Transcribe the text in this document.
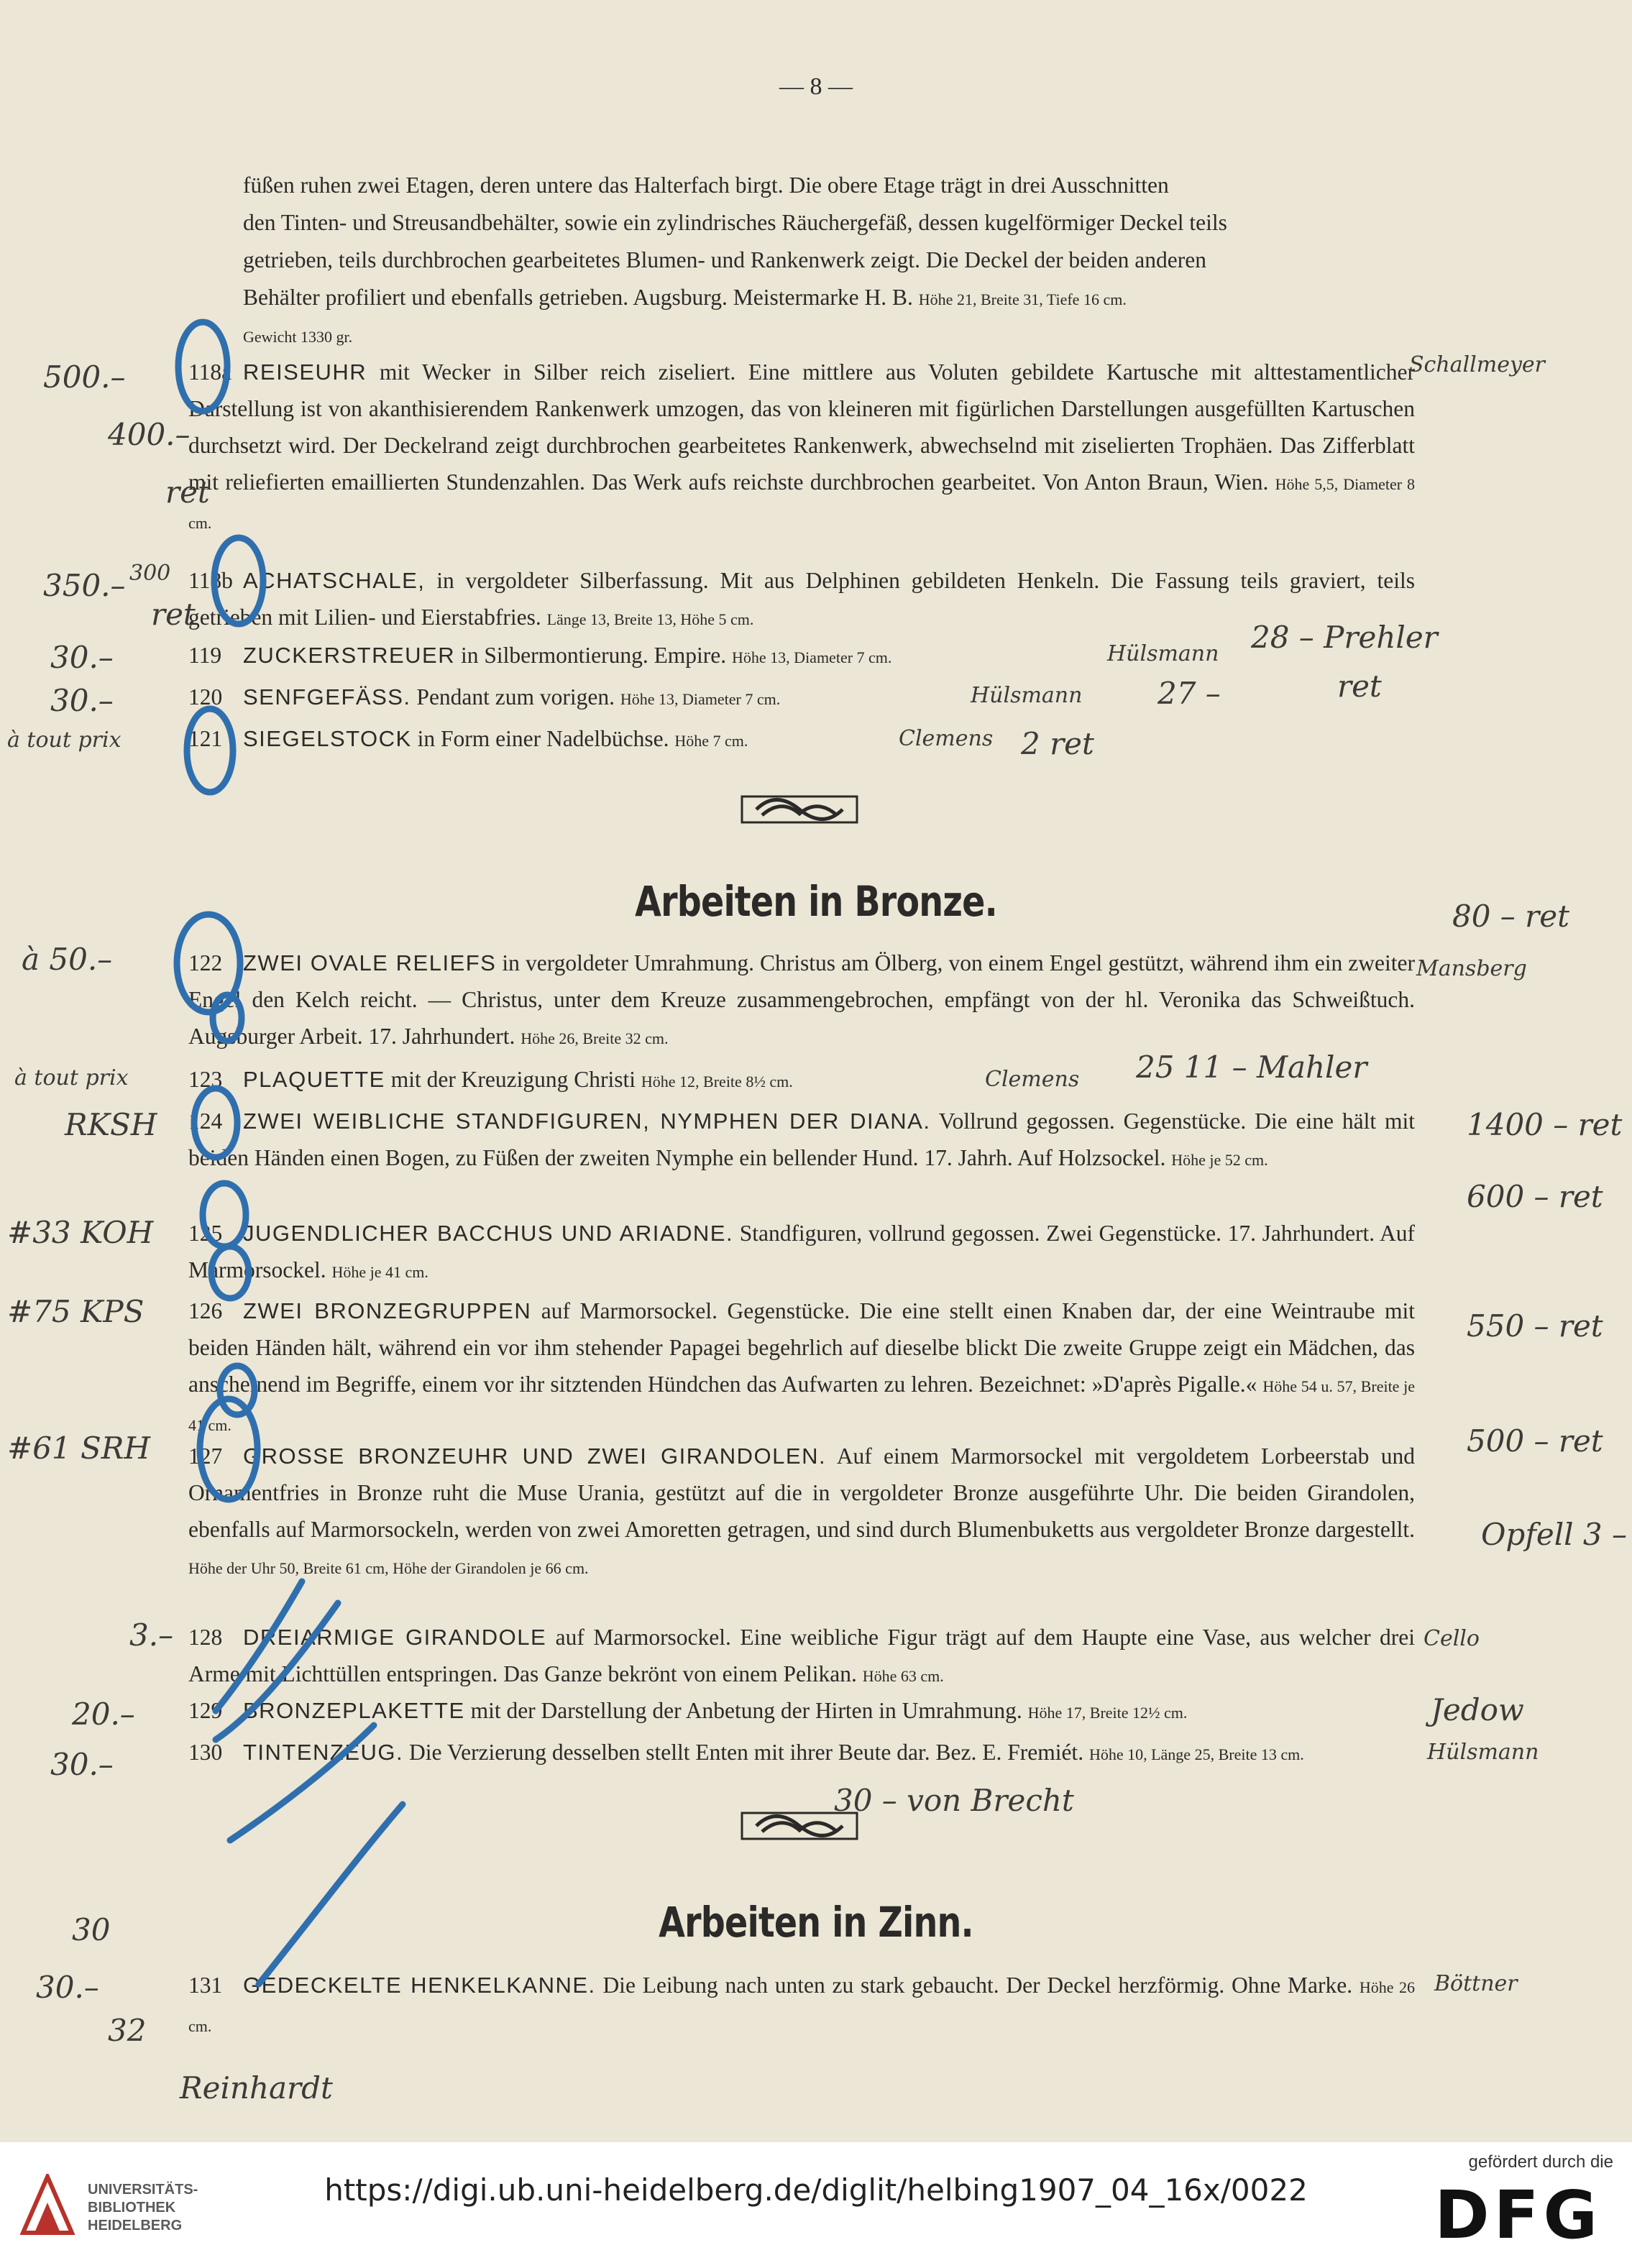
— 8 —
füßen ruhen zwei Etagen, deren untere das Halterfach birgt. Die obere Etage trägt in drei Ausschnitten
den Tinten- und Streusandbehälter, sowie ein zylindrisches Räuchergefäß, dessen kugelförmiger Deckel teils
getrieben, teils durchbrochen gearbeitetes Blumen- und Rankenwerk zeigt. Die Deckel der beiden anderen
Behälter profiliert und ebenfalls getrieben. Augsburg. Meistermarke H. B. Höhe 21, Breite 31, Tiefe 16 cm.
Gewicht 1330 gr.
118a REISEUHR mit Wecker in Silber reich ziseliert. Eine mittlere aus Voluten gebildete Kartusche mit alttestamentlicher Darstellung ist von akanthisierendem Rankenwerk umzogen, das von kleineren mit figürlichen Darstellungen ausgefüllten Kartuschen durchsetzt wird. Der Deckelrand zeigt durchbrochen gearbeitetes Rankenwerk, abwechselnd mit ziselierten Trophäen. Das Zifferblatt mit reliefierten emaillierten Stundenzahlen. Das Werk aufs reichste durchbrochen gearbeitet. Von Anton Braun, Wien. Höhe 5,5, Diameter 8 cm.
118b ACHATSCHALE, in vergoldeter Silberfassung. Mit aus Delphinen gebildeten Henkeln. Die Fassung teils graviert, teils getrieben mit Lilien- und Eierstabfries. Länge 13, Breite 13, Höhe 5 cm.
119 ZUCKERSTREUER in Silbermontierung. Empire. Höhe 13, Diameter 7 cm.
120 SENFGEFÄSS. Pendant zum vorigen. Höhe 13, Diameter 7 cm.
121 SIEGELSTOCK in Form einer Nadelbüchse. Höhe 7 cm.
Arbeiten in Bronze.
122 ZWEI OVALE RELIEFS in vergoldeter Umrahmung. Christus am Ölberg, von einem Engel gestützt, während ihm ein zweiter Engel den Kelch reicht. — Christus, unter dem Kreuze zusammengebrochen, empfängt von der hl. Veronika das Schweißtuch. Augsburger Arbeit. 17. Jahrhundert. Höhe 26, Breite 32 cm.
123 PLAQUETTE mit der Kreuzigung Christi Höhe 12, Breite 8½ cm.
124 ZWEI WEIBLICHE STANDFIGUREN, NYMPHEN DER DIANA. Vollrund gegossen. Gegenstücke. Die eine hält mit beiden Händen einen Bogen, zu Füßen der zweiten Nymphe ein bellender Hund. 17. Jahrh. Auf Holzsockel. Höhe je 52 cm.
125 JUGENDLICHER BACCHUS UND ARIADNE. Standfiguren, vollrund gegossen. Zwei Gegenstücke. 17. Jahrhundert. Auf Marmorsockel. Höhe je 41 cm.
126 ZWEI BRONZEGRUPPEN auf Marmorsockel. Gegenstücke. Die eine stellt einen Knaben dar, der eine Weintraube mit beiden Händen hält, während ein vor ihm stehender Papagei begehrlich auf dieselbe blickt Die zweite Gruppe zeigt ein Mädchen, das anscheinend im Begriffe, einem vor ihr sitztenden Hündchen das Aufwarten zu lehren. Bezeichnet: »D'après Pigalle.« Höhe 54 u. 57, Breite je 41 cm.
127 GROSSE BRONZEUHR UND ZWEI GIRANDOLEN. Auf einem Marmorsockel mit vergoldetem Lorbeerstab und Ornamentfries in Bronze ruht die Muse Urania, gestützt auf die in vergoldeter Bronze ausgeführte Uhr. Die beiden Girandolen, ebenfalls auf Marmorsockeln, werden von zwei Amoretten getragen, und sind durch Blumenbuketts aus vergoldeter Bronze dargestellt. Höhe der Uhr 50, Breite 61 cm, Höhe der Girandolen je 66 cm.
128 DREIARMIGE GIRANDOLE auf Marmorsockel. Eine weibliche Figur trägt auf dem Haupte eine Vase, aus welcher drei Arme mit Lichttüllen entspringen. Das Ganze bekrönt von einem Pelikan. Höhe 63 cm.
129 BRONZEPLAKETTE mit der Darstellung der Anbetung der Hirten in Umrahmung. Höhe 17, Breite 12½ cm.
130 TINTENZEUG. Die Verzierung desselben stellt Enten mit ihrer Beute dar. Bez. E. Fremiét. Höhe 10, Länge 25, Breite 13 cm.
Arbeiten in Zinn.
131 GEDECKELTE HENKELKANNE. Die Leibung nach unten zu stark gebaucht. Der Deckel herzförmig. Ohne Marke. Höhe 26 cm.
500.–
400.–
ret
350.– 300
ret
30.–
30.–
à tout prix
Schallmeyer
Hülsmann 28 – Prehler
Hülsmann 27 –	ret
Clemens 2 ret
à 50.–	Mansberg
80 – ret
à tout prix	Clemens 25 11 – Mahler
RKSH	1400 – ret
#33 KOH
600 – ret
#75 KPS	550 – ret
#61 SRH	500 – ret
3.–	Cello
Opfell 3 –
20.–	Jedow
30.–	Hülsmann
30 – von Brecht
30
30.–
32
Reinhardt
Böttner
UNIVERSITÄTS-
BIBLIOTHEK
HEIDELBERG
https://digi.ub.uni-heidelberg.de/diglit/helbing1907_04_16x/0022
gefördert durch die
DFG
